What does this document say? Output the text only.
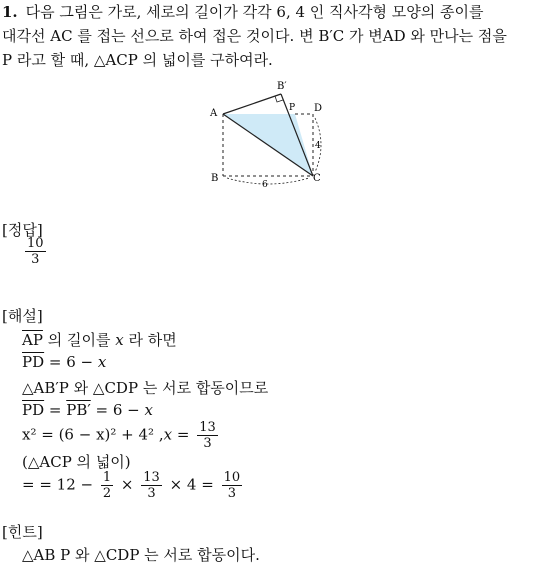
1. 다음 그림은 가로, 세로의 길이가 각각 6, 4 인 직사각형 모양의 종이를
대각선 AC 를 접는 선으로 하여 접은 것이다. 변 B′C 가 변AD 와 만나는 점을
P 라고 할 때, △ACP 의 넓이를 구하여라.
A
B′
P D
B	C
4
6
[정답]
$\frac{10}{3}$
[해설]
$\overline{AP}$ 의 길이를 x 라 하면
$\overline{PD} = 6 - x$
△AB′P 와 △CDP 는 서로 합동이므로
$\overline{PD} = PB' = 6 - x$
x² = (6 − x)² + 4² $,x = \frac{13}{3}$
(△ACP 의 넓이)
= = $12 - \frac{1}{2} \times \frac{13}{3} \times 4 = \frac{10}{3}$
[힌트]
△AB P 와 △CDP 는 서로 합동이다.
